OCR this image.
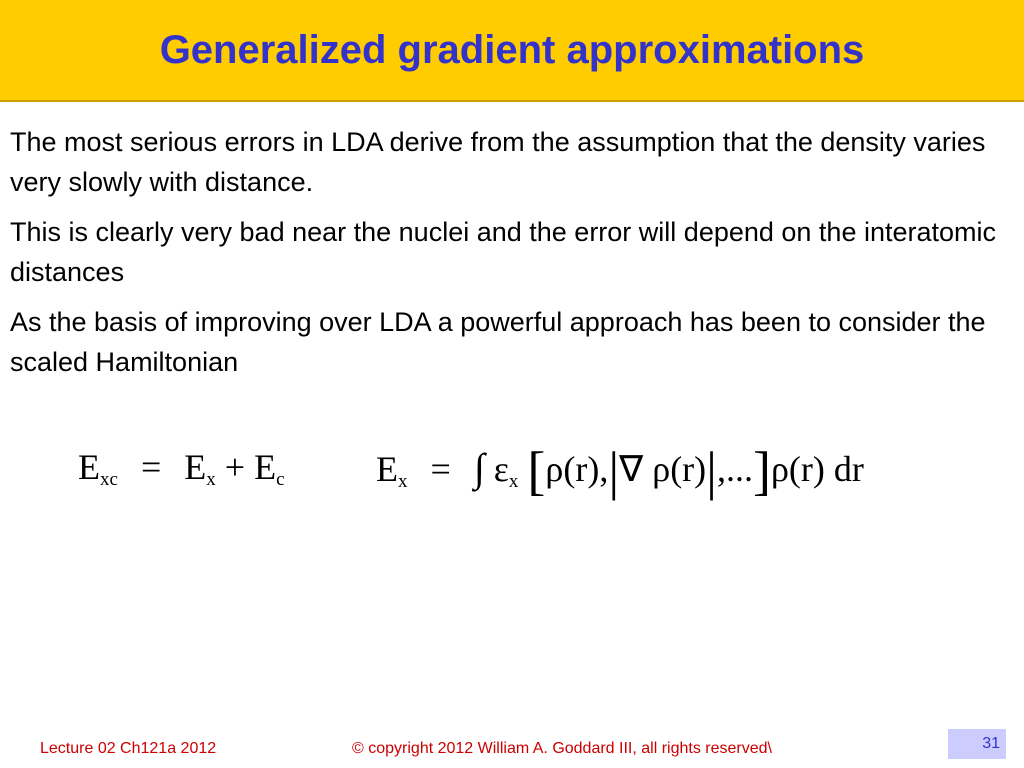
Generalized gradient approximations

The most serious errors in LDA derive from the assumption that the density varies very slowly with distance.

This is clearly very bad near the nuclei and the error will depend on the interatomic distances

As the basis of improving over LDA a powerful approach has been to consider the scaled Hamiltonian

$E_{xc} = E_x + E_c$	$E_x$ = ∫ $\varepsilon_x$ [ρ(r),|∇ ρ(r)|,...]ρ(r) dr
Lecture 02 Ch121a 2012	© copyright 2012 William A. Goddard III, all rights reserved\	31
